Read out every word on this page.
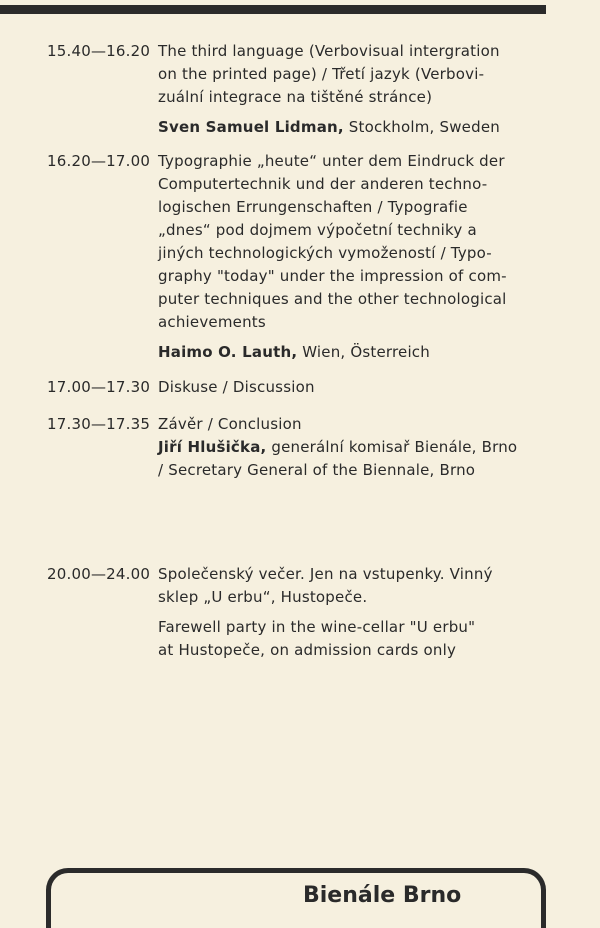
15.40—16.20 The third language (Verbovisual intergration
on the printed page) / Třetí jazyk (Verbovi-
zuální integrace na tištěné stránce)

Sven Samuel Lidman, Stockholm, Sweden

16.20—17.00 Typographie „heute“ unter dem Eindruck der
Computertechnik und der anderen techno-
logischen Errungenschaften / Typografie
„dnes“ pod dojmem výpočetní techniky a
jiných technologických vymožeností / Typo-
graphy "today" under the impression of com-
puter techniques and the other technological
achievements

Haimo O. Lauth, Wien, Österreich

17.00—17.30 Diskuse / Discussion

17.30—17.35 Závěr / Conclusion

Jiří Hlušička, generální komisař Bienále, Brno
/ Secretary General of the Biennale, Brno

20.00—24.00 Společenský večer. Jen na vstupenky. Vinný
sklep „U erbu“, Hustopeče.

Farewell party in the wine-cellar "U erbu"
at Hustopeče, on admission cards only

Bienále Brno
